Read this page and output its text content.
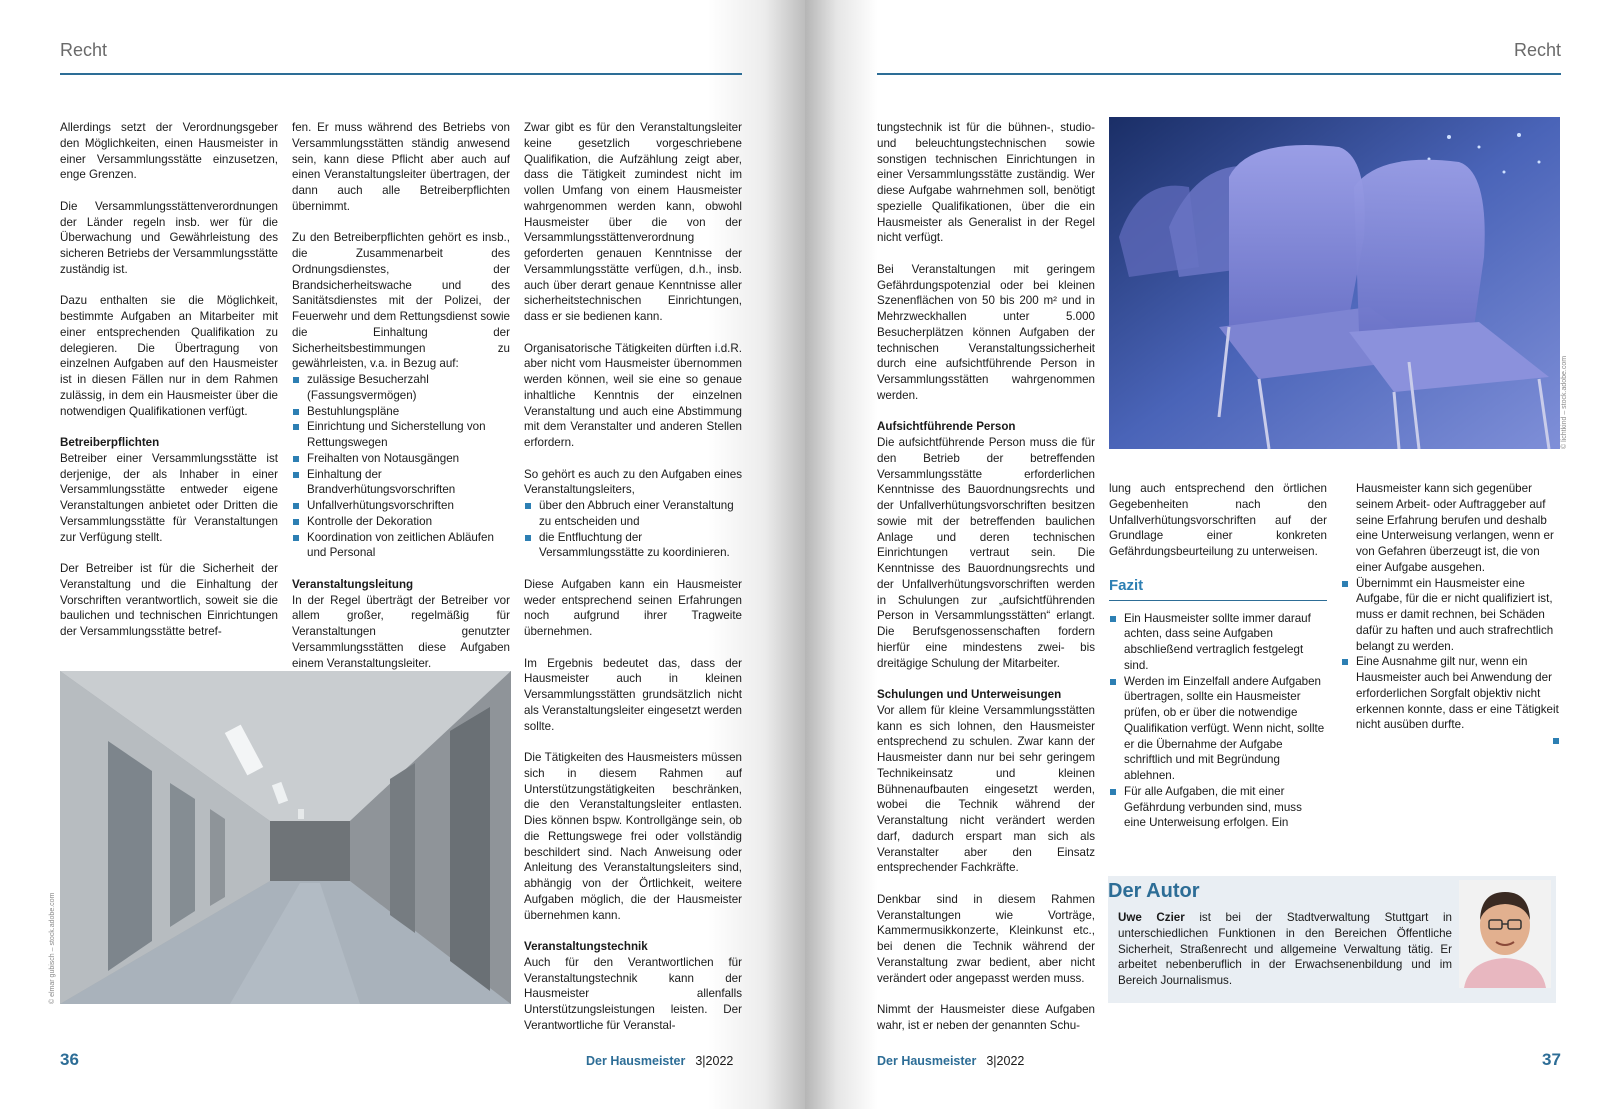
Recht

Allerdings setzt der Verordnungsgeber den Möglichkeiten, einen Hausmeister in einer Versammlungsstätte einzusetzen, enge Grenzen.

Die Versammlungsstättenverordnungen der Länder regeln insb. wer für die Überwachung und Gewährleistung des sicheren Betriebs der Versammlungsstätte zuständig ist.

Dazu enthalten sie die Möglichkeit, bestimmte Aufgaben an Mitarbeiter mit einer entsprechenden Qualifikation zu delegieren. Die Übertragung von einzelnen Aufgaben auf den Hausmeister ist in diesen Fällen nur in dem Rahmen zulässig, in dem ein Hausmeister über die notwendigen Qualifikationen verfügt.

Betreiberpflichten

Betreiber einer Versammlungsstätte ist derjenige, der als Inhaber in einer Versammlungsstätte entweder eigene Veranstaltungen anbietet oder Dritten die Versammlungsstätte für Veranstaltungen zur Verfügung stellt.

Der Betreiber ist für die Sicherheit der Veranstaltung und die Einhaltung der Vorschriften verantwortlich, soweit sie die baulichen und technischen Einrichtungen der Versammlungsstätte betref-

fen. Er muss während des Betriebs von Versammlungsstätten ständig anwesend sein, kann diese Pflicht aber auch auf einen Veranstaltungsleiter übertragen, der dann auch alle Betreiberpflichten übernimmt.

Zu den Betreiberpflichten gehört es insb., die Zusammenarbeit des Ordnungsdienstes, der Brandsicherheitswache und des Sanitätsdienstes mit der Polizei, der Feuerwehr und dem Rettungsdienst sowie die Einhaltung der Sicherheitsbestimmungen zu gewährleisten, v.a. in Bezug auf:

zulässige Besucherzahl (Fassungsvermögen)
Bestuhlungspläne
Einrichtung und Sicherstellung von Rettungswegen
Freihalten von Notausgängen
Einhaltung der Brandverhütungsvorschriften
Unfallverhütungsvorschriften
Kontrolle der Dekoration
Koordination von zeitlichen Abläufen und Personal
Veranstaltungsleitung

In der Regel überträgt der Betreiber vor allem großer, regelmäßig für Veranstaltungen genutzter Versammlungsstätten diese Aufgaben einem Veranstaltungsleiter.

Zwar gibt es für den Veranstaltungsleiter keine gesetzlich vorgeschriebene Qualifikation, die Aufzählung zeigt aber, dass die Tätigkeit zumindest nicht im vollen Umfang von einem Hausmeister wahrgenommen werden kann, obwohl Hausmeister über die von der Versammlungsstättenverordnung geforderten genauen Kenntnisse der Versammlungsstätte verfügen, d.h., insb. auch über derart genaue Kenntnisse aller sicherheitstechnischen Einrichtungen, dass er sie bedienen kann.

Organisatorische Tätigkeiten dürften i.d.R. aber nicht vom Hausmeister übernommen werden können, weil sie eine so genaue inhaltliche Kenntnis der einzelnen Veranstaltung und auch eine Abstimmung mit dem Veranstalter und anderen Stellen erfordern.

So gehört es auch zu den Aufgaben eines Veranstaltungsleiters,

über den Abbruch einer Veranstaltung zu entscheiden und
die Entfluchtung der Versammlungsstätte zu koordinieren.

Diese Aufgaben kann ein Hausmeister weder entsprechend seinen Erfahrungen noch aufgrund ihrer Tragweite übernehmen.

Im Ergebnis bedeutet das, dass der Hausmeister auch in kleinen Versammlungsstätten grundsätzlich nicht als Veranstaltungsleiter eingesetzt werden sollte.

Die Tätigkeiten des Hausmeisters müssen sich in diesem Rahmen auf Unterstützungstätigkeiten beschränken, die den Veranstaltungsleiter entlasten. Dies können bspw. Kontrollgänge sein, ob die Rettungswege frei oder vollständig beschildert sind. Nach Anweisung oder Anleitung des Veranstaltungsleiters sind, abhängig von der Örtlichkeit, weitere Aufgaben möglich, die der Hausmeister übernehmen kann.

Veranstaltungstechnik

Auch für den Verantwortlichen für Veranstaltungstechnik kann der Hausmeister allenfalls Unterstützungsleistungen leisten. Der Verantwortliche für Veranstal-

© elmar gubisch – stock.adobe.com
36	Der Hausmeister 3|2022
Recht

tungstechnik ist für die bühnen-, studio- und beleuchtungstechnischen sowie sonstigen technischen Einrichtungen in einer Versammlungsstätte zuständig. Wer diese Aufgabe wahrnehmen soll, benötigt spezielle Qualifikationen, über die ein Hausmeister als Generalist in der Regel nicht verfügt.

Bei Veranstaltungen mit geringem Gefährdungspotenzial oder bei kleinen Szenenflächen von 50 bis 200 m² und in Mehrzweckhallen unter 5.000 Besucherplätzen können Aufgaben der technischen Veranstaltungssicherheit durch eine aufsichtführende Person in Versammlungsstätten wahrgenommen werden.

Aufsichtführende Person

Die aufsichtführende Person muss die für den Betrieb der betreffenden Versammlungsstätte erforderlichen Kenntnisse des Bauordnungsrechts und der Unfallverhütungsvorschriften besitzen sowie mit der betreffenden baulichen Anlage und deren technischen Einrichtungen vertraut sein. Die Kenntnisse des Bauordnungsrechts und der Unfallverhütungsvorschriften werden in Schulungen zur „aufsichtführenden Person in Versammlungsstätten“ erlangt. Die Berufsgenossenschaften fordern hierfür eine mindestens zwei- bis dreitägige Schulung der Mitarbeiter.

Schulungen und Unterweisungen

Vor allem für kleine Versammlungsstätten kann es sich lohnen, den Hausmeister entsprechend zu schulen. Zwar kann der Hausmeister dann nur bei sehr geringem Technikeinsatz und kleinen Bühnenaufbauten eingesetzt werden, wobei die Technik während der Veranstaltung nicht verändert werden darf, dadurch erspart man sich als Veranstalter aber den Einsatz entsprechender Fachkräfte.

Denkbar sind in diesem Rahmen Veranstaltungen wie Vorträge, Kammermusikkonzerte, Kleinkunst etc., bei denen die Technik während der Veranstaltung zwar bedient, aber nicht verändert oder angepasst werden muss.

Nimmt der Hausmeister diese Aufgaben wahr, ist er neben der genannten Schu-

© lichtkind – stock.adobe.com

lung auch entsprechend den örtlichen Gegebenheiten nach den Unfallverhütungsvorschriften auf der Grundlage einer konkreten Gefährdungsbeurteilung zu unterweisen.

Fazit
Ein Hausmeister sollte immer darauf achten, dass seine Aufgaben abschließend vertraglich festgelegt sind.
Werden im Einzelfall andere Aufgaben übertragen, sollte ein Hausmeister prüfen, ob er über die notwendige Qualifikation verfügt. Wenn nicht, sollte er die Übernahme der Aufgabe schriftlich und mit Begründung ablehnen.
Für alle Aufgaben, die mit einer Gefährdung verbunden sind, muss eine Unterweisung erfolgen. Ein

Hausmeister kann sich gegenüber seinem Arbeit- oder Auftraggeber auf seine Erfahrung berufen und deshalb eine Unterweisung verlangen, wenn er von Gefahren überzeugt ist, die von einer Aufgabe ausgehen.

Übernimmt ein Hausmeister eine Aufgabe, für die er nicht qualifiziert ist, muss er damit rechnen, bei Schäden dafür zu haften und auch strafrechtlich belangt zu werden.
Eine Ausnahme gilt nur, wenn ein Hausmeister auch bei Anwendung der erforderlichen Sorgfalt objektiv nicht erkennen konnte, dass er eine Tätigkeit nicht ausüben durfte.
Der Autor
Uwe Czier ist bei der Stadtverwaltung Stuttgart in unterschiedlichen Funktionen in den Bereichen Öffentliche Sicherheit, Straßenrecht und allgemeine Verwaltung tätig. Er arbeitet nebenberuflich in der Erwachsenenbildung und im Bereich Journalismus.
37
Der Hausmeister 3|2022
